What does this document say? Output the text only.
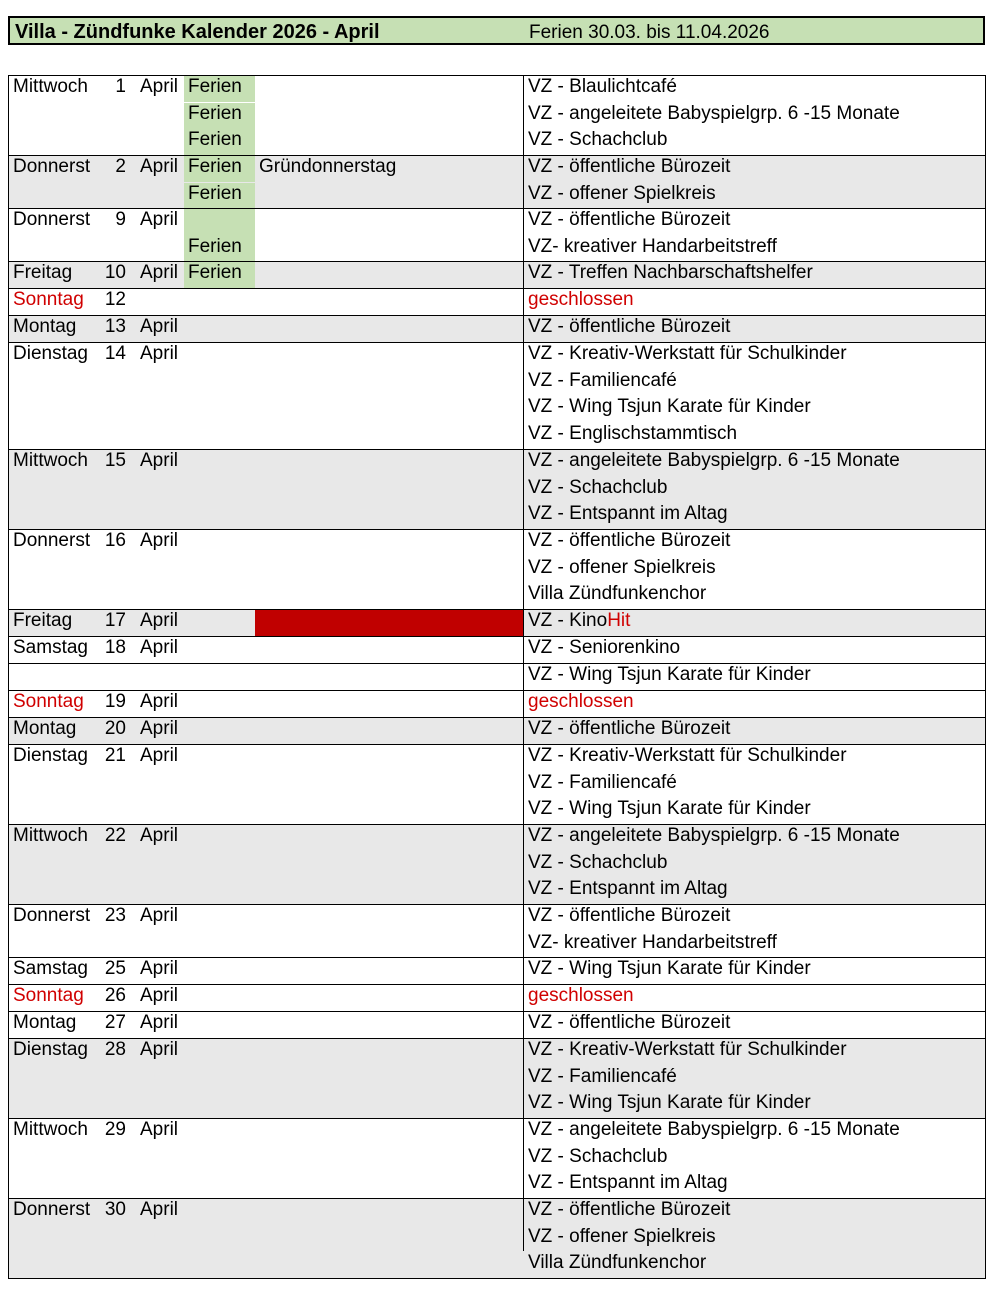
Villa - Zündfunke Kalender 2026 - April	Ferien 30.03. bis 11.04.2026
Mittwoch	1 April Ferien	VZ - Blaulichtcafé
Ferien	VZ - angeleitete Babyspielgrp. 6 -15 Monate
Ferien	VZ - Schachclub
Donnerst	2 April Ferien Gründonnerstag	VZ - öffentliche Bürozeit
Ferien	VZ - offener Spielkreis
Donnerst	9 April	VZ - öffentliche Bürozeit
Ferien	VZ- kreativer Handarbeitstreff
Freitag 10 April Ferien	VZ - Treffen Nachbarschaftshelfer
Sonntag 12	geschlossen
Montag 13 April	VZ - öffentliche Bürozeit
Dienstag 14 April	VZ - Kreativ-Werkstatt für Schulkinder
VZ - Familiencafé
VZ - Wing Tsjun Karate für Kinder
VZ - Englischstammtisch
Mittwoch 15 April	VZ - angeleitete Babyspielgrp. 6 -15 Monate
VZ - Schachclub
VZ - Entspannt im Altag
Donnerst 16 April	VZ - öffentliche Bürozeit
VZ - offener Spielkreis
Villa Zündfunkenchor
Freitag 17 April	VZ - KinoHit
Samstag 18 April	VZ - Seniorenkino
VZ - Wing Tsjun Karate für Kinder
Sonntag 19 April	geschlossen
Montag 20 April	VZ - öffentliche Bürozeit
Dienstag 21 April	VZ - Kreativ-Werkstatt für Schulkinder
VZ - Familiencafé
VZ - Wing Tsjun Karate für Kinder
Mittwoch 22 April	VZ - angeleitete Babyspielgrp. 6 -15 Monate
VZ - Schachclub
VZ - Entspannt im Altag
Donnerst 23 April	VZ - öffentliche Bürozeit
VZ- kreativer Handarbeitstreff
Samstag 25 April	VZ - Wing Tsjun Karate für Kinder
Sonntag 26 April	geschlossen
Montag 27 April	VZ - öffentliche Bürozeit
Dienstag 28 April	VZ - Kreativ-Werkstatt für Schulkinder
VZ - Familiencafé
VZ - Wing Tsjun Karate für Kinder
Mittwoch 29 April	VZ - angeleitete Babyspielgrp. 6 -15 Monate
VZ - Schachclub
VZ - Entspannt im Altag
Donnerst 30 April	VZ - öffentliche Bürozeit
VZ - offener Spielkreis
Villa Zündfunkenchor
